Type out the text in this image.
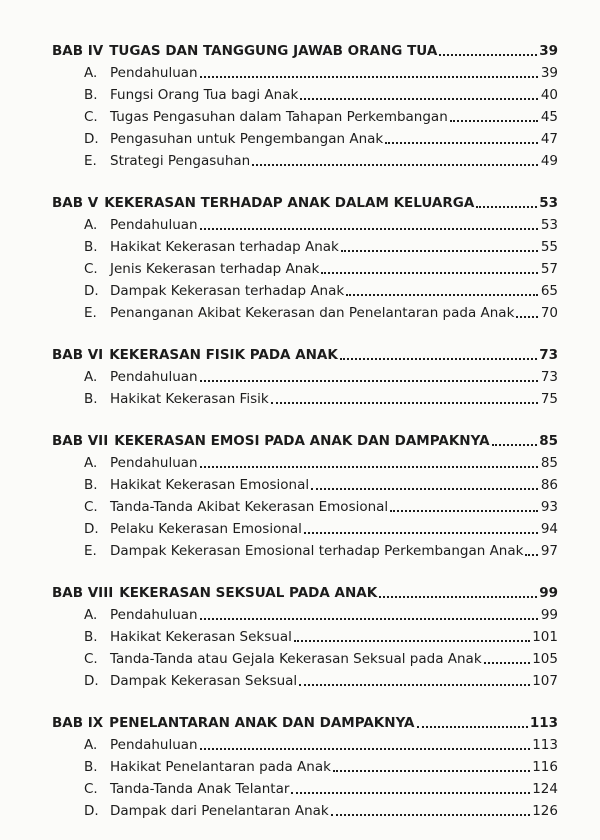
BAB IV TUGAS DAN TANGGUNG JAWAB ORANG TUA	39
A. Pendahuluan	39
B. Fungsi Orang Tua bagi Anak	40
C. Tugas Pengasuhan dalam Tahapan Perkembangan	45
D. Pengasuhan untuk Pengembangan Anak	47
E. Strategi Pengasuhan	49
BAB V KEKERASAN TERHADAP ANAK DALAM KELUARGA	53
A. Pendahuluan	53
B. Hakikat Kekerasan terhadap Anak	55
C. Jenis Kekerasan terhadap Anak	57
D. Dampak Kekerasan terhadap Anak	65
E. Penanganan Akibat Kekerasan dan Penelantaran pada Anak 70
BAB VI KEKERASAN FISIK PADA ANAK	73
A. Pendahuluan	73
B. Hakikat Kekerasan Fisik	75
BAB VII KEKERASAN EMOSI PADA ANAK DAN DAMPAKNYA	85
A. Pendahuluan	85
B. Hakikat Kekerasan Emosional	86
C. Tanda-Tanda Akibat Kekerasan Emosional	93
D. Pelaku Kekerasan Emosional	94
E. Dampak Kekerasan Emosional terhadap Perkembangan Anak 97
BAB VIII KEKERASAN SEKSUAL PADA ANAK	99
A. Pendahuluan	99
B. Hakikat Kekerasan Seksual	101
C. Tanda-Tanda atau Gejala Kekerasan Seksual pada Anak	105
D. Dampak Kekerasan Seksual	107
BAB IX PENELANTARAN ANAK DAN DAMPAKNYA	113
A. Pendahuluan	113
B. Hakikat Penelantaran pada Anak	116
C. Tanda-Tanda Anak Telantar	124
D. Dampak dari Penelantaran Anak	126
